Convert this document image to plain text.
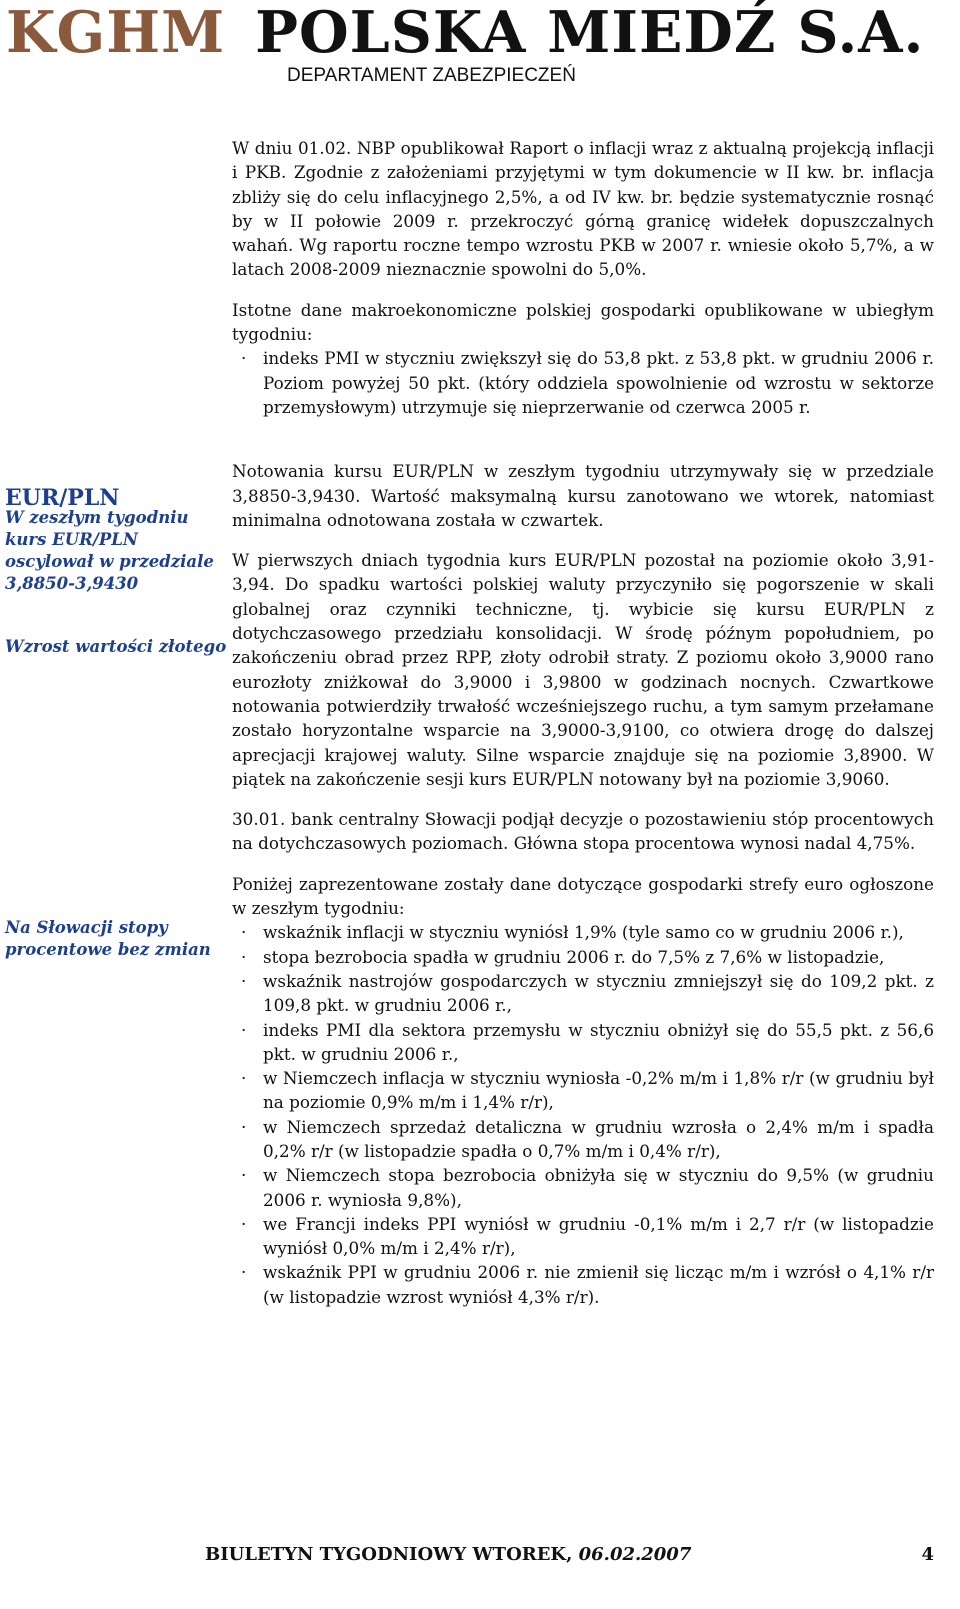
KGHM POLSKA MIEDŹ S.A.
DEPARTAMENT ZABEZPIECZEŃ
EUR/PLN
W zeszłym tygodniu kurs EUR/PLN oscylował w przedziale 3,8850-3,9430
Wzrost wartości złotego
Na Słowacji stopy procentowe bez zmian

W dniu 01.02. NBP opublikował Raport o inflacji wraz z aktualną projekcją inflacji i PKB. Zgodnie z założeniami przyjętymi w tym dokumencie w II kw. br. inflacja zbliży się do celu inflacyjnego 2,5%, a od IV kw. br. będzie systematycznie rosnąć by w II połowie 2009 r. przekroczyć górną granicę widełek dopuszczalnych wahań. Wg raportu roczne tempo wzrostu PKB w 2007 r. wniesie około 5,7%, a w latach 2008-2009 nieznacznie spowolni do 5,0%.

Istotne dane makroekonomiczne polskiej gospodarki opublikowane w ubiegłym tygodniu:

· indeks PMI w styczniu zwiększył się do 53,8 pkt. z 53,8 pkt. w grudniu 2006 r. Poziom powyżej 50 pkt. (który oddziela spowolnienie od wzrostu w sektorze przemysłowym) utrzymuje się nieprzerwanie od czerwca 2005 r.

Notowania kursu EUR/PLN w zeszłym tygodniu utrzymywały się w przedziale 3,8850-3,9430. Wartość maksymalną kursu zanotowano we wtorek, natomiast minimalna odnotowana została w czwartek.

W pierwszych dniach tygodnia kurs EUR/PLN pozostał na poziomie około 3,91-3,94. Do spadku wartości polskiej waluty przyczyniło się pogorszenie w skali globalnej oraz czynniki techniczne, tj. wybicie się kursu EUR/PLN z dotychczasowego przedziału konsolidacji. W środę późnym popołudniem, po zakończeniu obrad przez RPP, złoty odrobił straty. Z poziomu około 3,9000 rano eurozłoty zniżkował do 3,9000 i 3,9800 w godzinach nocnych. Czwartkowe notowania potwierdziły trwałość wcześniejszego ruchu, a tym samym przełamane zostało horyzontalne wsparcie na 3,9000-3,9100, co otwiera drogę do dalszej aprecjacji krajowej waluty. Silne wsparcie znajduje się na poziomie 3,8900. W piątek na zakończenie sesji kurs EUR/PLN notowany był na poziomie 3,9060.

30.01. bank centralny Słowacji podjął decyzje o pozostawieniu stóp procentowych na dotychczasowych poziomach. Główna stopa procentowa wynosi nadal 4,75%.

Poniżej zaprezentowane zostały dane dotyczące gospodarki strefy euro ogłoszone w zeszłym tygodniu:

· wskaźnik inflacji w styczniu wyniósł 1,9% (tyle samo co w grudniu 2006 r.),
· stopa bezrobocia spadła w grudniu 2006 r. do 7,5% z 7,6% w listopadzie,
· wskaźnik nastrojów gospodarczych w styczniu zmniejszył się do 109,2 pkt. z 109,8 pkt. w grudniu 2006 r.,
· indeks PMI dla sektora przemysłu w styczniu obniżył się do 55,5 pkt. z 56,6 pkt. w grudniu 2006 r.,
· w Niemczech inflacja w styczniu wyniosła -0,2% m/m i 1,8% r/r (w grudniu był na poziomie 0,9% m/m i 1,4% r/r),
· w Niemczech sprzedaż detaliczna w grudniu wzrosła o 2,4% m/m i spadła 0,2% r/r (w listopadzie spadła o 0,7% m/m i 0,4% r/r),
· w Niemczech stopa bezrobocia obniżyła się w styczniu do 9,5% (w grudniu 2006 r. wyniosła 9,8%),
· we Francji indeks PPI wyniósł w grudniu -0,1% m/m i 2,7 r/r (w listopadzie wyniósł 0,0% m/m i 2,4% r/r),
· wskaźnik PPI w grudniu 2006 r. nie zmienił się licząc m/m i wzrósł o 4,1% r/r (w listopadzie wzrost wyniósł 4,3% r/r).
BIULETYN TYGODNIOWY WTOREK, 06.02.2007	4
